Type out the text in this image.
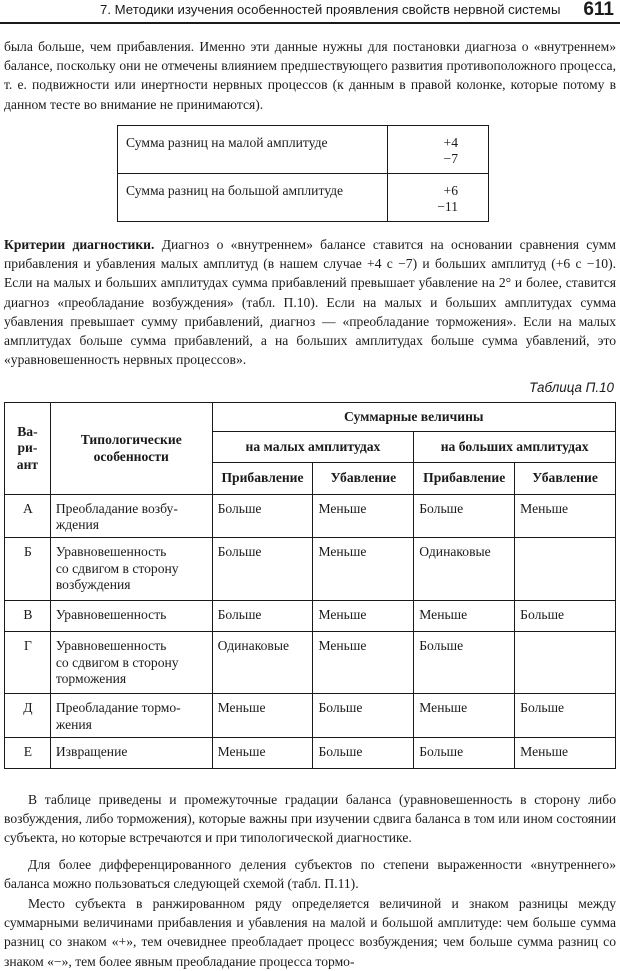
7. Методики изучения особенностей проявления свойств нервной системы 611

была больше, чем прибавления. Именно эти данные нужны для постановки диагноза о «внутреннем» балансе, поскольку они не отмечены влиянием предшествующего развития противоположного процесса, т. е. подвижности или инертности нервных процессов (к данным в правой колонке, которые потому в данном тесте во внимание не принимаются).

Сумма разниц на малой амплитуде	+4
−7

Сумма разниц на большой амплитуде	+6
−11

Критерии диагностики. Диагноз о «внутреннем» балансе ставится на основании сравнения сумм прибавления и убавления малых амплитуд (в нашем случае +4 с −7) и больших амплитуд (+6 с −10). Если на малых и больших амплитудах сумма прибавлений превышает убавление на 2° и более, ставится диагноз «преобладание возбуждения» (табл. П.10). Если на малых и больших амплитудах сумма убавления превышает сумму прибавлений, диагноз — «преобладание торможения». Если на малых амплитудах больше сумма прибавлений, а на больших амплитудах больше сумма убавлений, это «уравновешенность нервных процессов».

Таблица П.10
Ва-
ри-
ант	Типологические
особенности	Суммарные величины			
		на малых амплитудах		на больших амплитудах	
		Прибавление	Убавление	Прибавление	Убавление
А	Преобладание возбу-
ждения	Больше	Меньше	Больше	Меньше
Б	Уравновешенность
со сдвигом в сторону
возбуждения	Больше	Меньше	Одинаковые	
В	Уравновешенность	Больше	Меньше	Меньше	Больше
Г	Уравновешенность
со сдвигом в сторону
торможения	Одинаковые	Меньше	Больше	
Д	Преобладание тормо-
жения	Меньше	Больше	Меньше	Больше
Е	Извращение	Меньше	Больше	Больше	Меньше

В таблице приведены и промежуточные градации баланса (уравновешенность в сторону либо возбуждения, либо торможения), которые важны при изучении сдвига баланса в том или ином состоянии субъекта, но которые встречаются и при типологической диагностике.

Для более дифференцированного деления субъектов по степени выраженности «внутреннего» баланса можно пользоваться следующей схемой (табл. П.11).

Место субъекта в ранжированном ряду определяется величиной и знаком разницы между суммарными величинами прибавления и убавления на малой и большой амплитуде: чем больше сумма разниц со знаком «+», тем очевиднее преобладает процесс возбуждения; чем больше сумма разниц со знаком «−», тем более явным преобладание процесса тормо-
